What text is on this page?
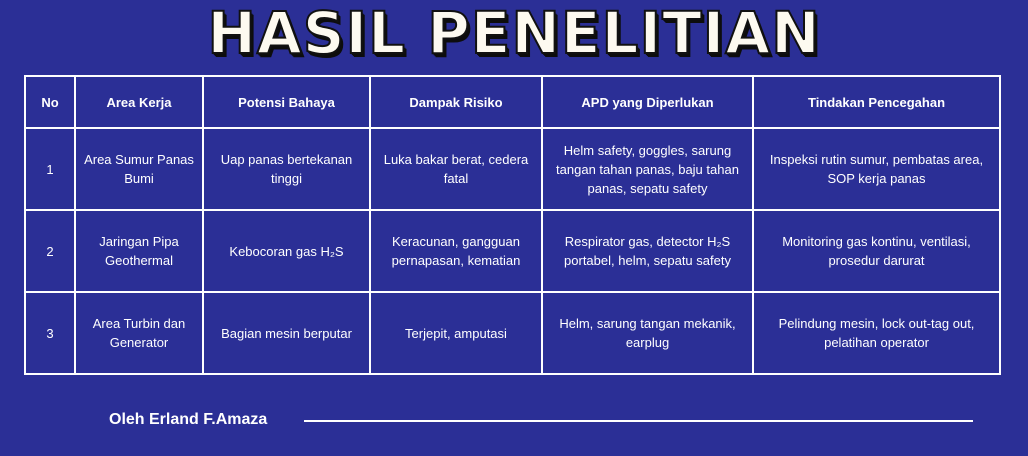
HASIL PENELITIAN
No	Area Kerja	Potensi Bahaya	Dampak Risiko	APD yang Diperlukan	Tindakan Pencegahan
1	Area Sumur Panas Bumi	Uap panas bertekanan tinggi	Luka bakar berat, cedera fatal	Helm safety, goggles, sarung tangan tahan panas, baju tahan panas, sepatu safety	Inspeksi rutin sumur, pembatas area, SOP kerja panas
2	Jaringan Pipa Geothermal	Kebocoran gas H₂S	Keracunan, gangguan pernapasan, kematian	Respirator gas, detector H₂S portabel, helm, sepatu safety	Monitoring gas kontinu, ventilasi, prosedur darurat
3	Area Turbin dan Generator	Bagian mesin berputar	Terjepit, amputasi	Helm, sarung tangan mekanik, earplug	Pelindung mesin, lock out-tag out, pelatihan operator
Oleh Erland F.Amaza
